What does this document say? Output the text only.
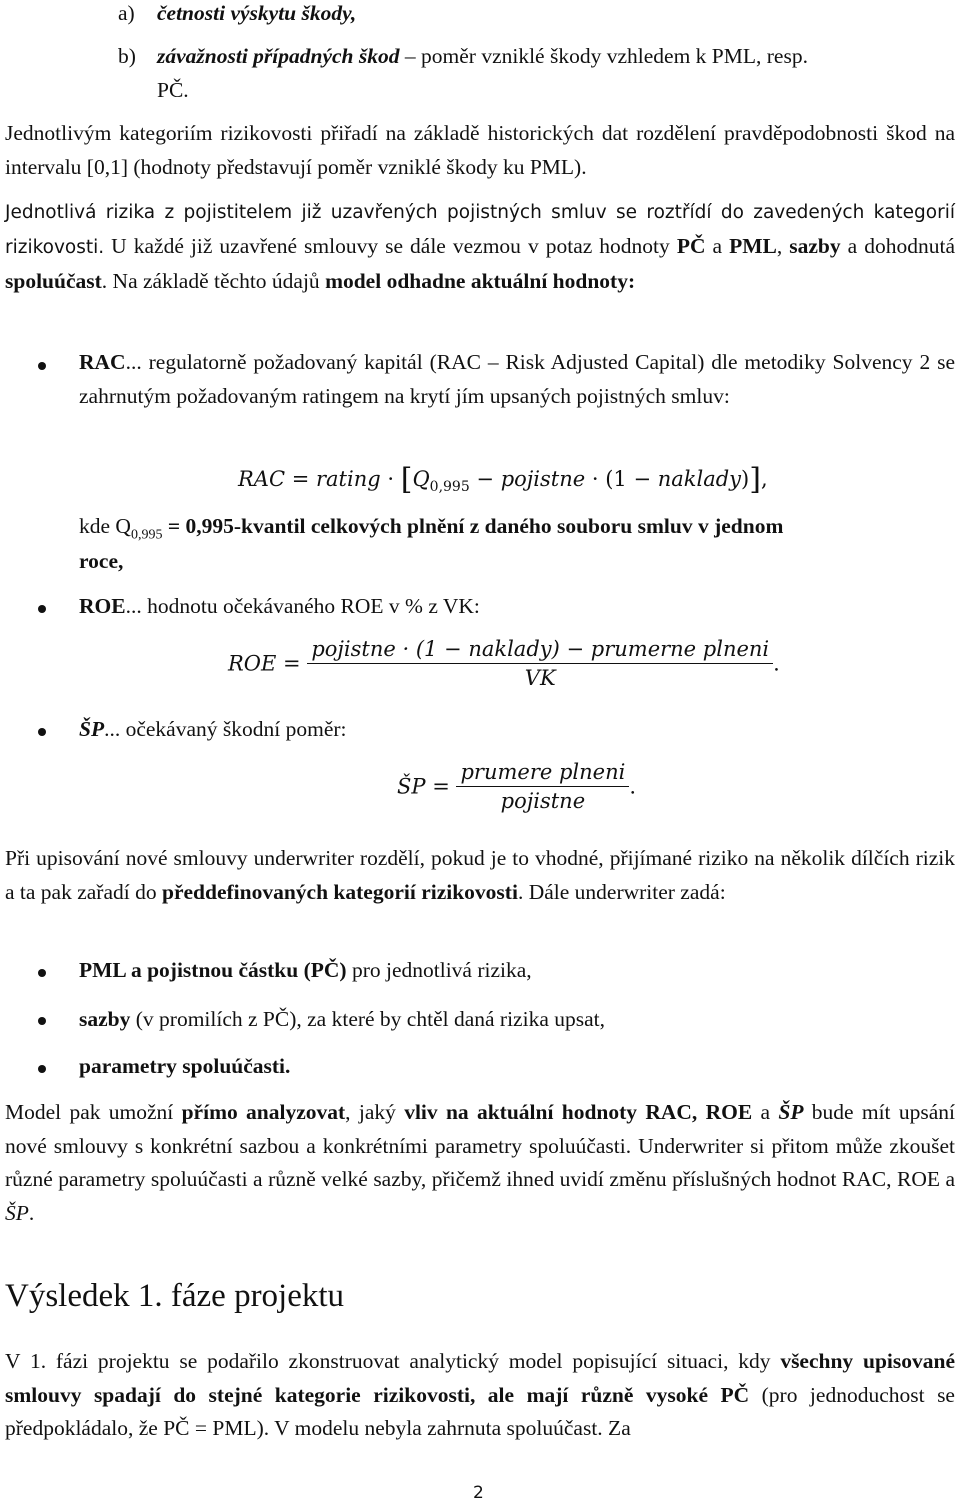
a) četnosti výskytu škody,
b) závažnosti případných škod – poměr vzniklé škody vzhledem k PML, resp.
PČ.
Jednotlivým kategoriím rizikovosti přiřadí na základě historických dat rozdělení pravděpodobnosti škod na intervalu [0,1] (hodnoty představují poměr vzniklé škody ku PML).
Jednotlivá rizika z pojistitelem již uzavřených pojistných smluv se roztřídí do zavedených kategorií rizikovosti. U každé již uzavřené smlouvy se dále vezmou v potaz hodnoty PČ a PML, sazby a dohodnutá spoluúčast. Na základě těchto údajů model odhadne aktuální hodnoty:
RAC... regulatorně požadovaný kapitál (RAC – Risk Adjusted Capital) dle metodiky Solvency 2 se zahrnutým požadovaným ratingem na krytí jím upsaných pojistných smluv:
RAC = rating · [$Q_{0,995}$ − pojistne · (1 − naklady)],
kde $Q_{0,995}$ = 0,995-kvantil celkových plnění z daného souboru smluv v jednom
roce,
ROE... hodnotu očekávaného ROE v % z VK:
ROE = $\frac{\text{pojistne · (1 − naklady) − prumerne plneni}}{VK}$ .
ŠP... očekávaný škodní poměr:
ŠP = $\frac{\text{prumere plneni}}{\text{pojistne}}$ .
Při upisování nové smlouvy underwriter rozdělí, pokud je to vhodné, přijímané riziko na několik dílčích rizik a ta pak zařadí do předdefinovaných kategorií rizikovosti. Dále underwriter zadá:
PML a pojistnou částku (PČ) pro jednotlivá rizika,
sazby (v promilích z PČ), za které by chtěl daná rizika upsat,
parametry spoluúčasti.
Model pak umožní přímo analyzovat, jaký vliv na aktuální hodnoty RAC, ROE a ŠP bude mít upsání nové smlouvy s konkrétní sazbou a konkrétními parametry spoluúčasti. Underwriter si přitom může zkoušet různé parametry spoluúčasti a různě velké sazby, přičemž ihned uvidí změnu příslušných hodnot RAC, ROE a ŠP.
Výsledek 1. fáze projektu
V 1. fázi projektu se podařilo zkonstruovat analytický model popisující situaci, kdy všechny upisované smlouvy spadají do stejné kategorie rizikovosti, ale mají různě vysoké PČ (pro jednoduchost se předpokládalo, že PČ = PML). V modelu nebyla zahrnuta spoluúčast. Za
2
